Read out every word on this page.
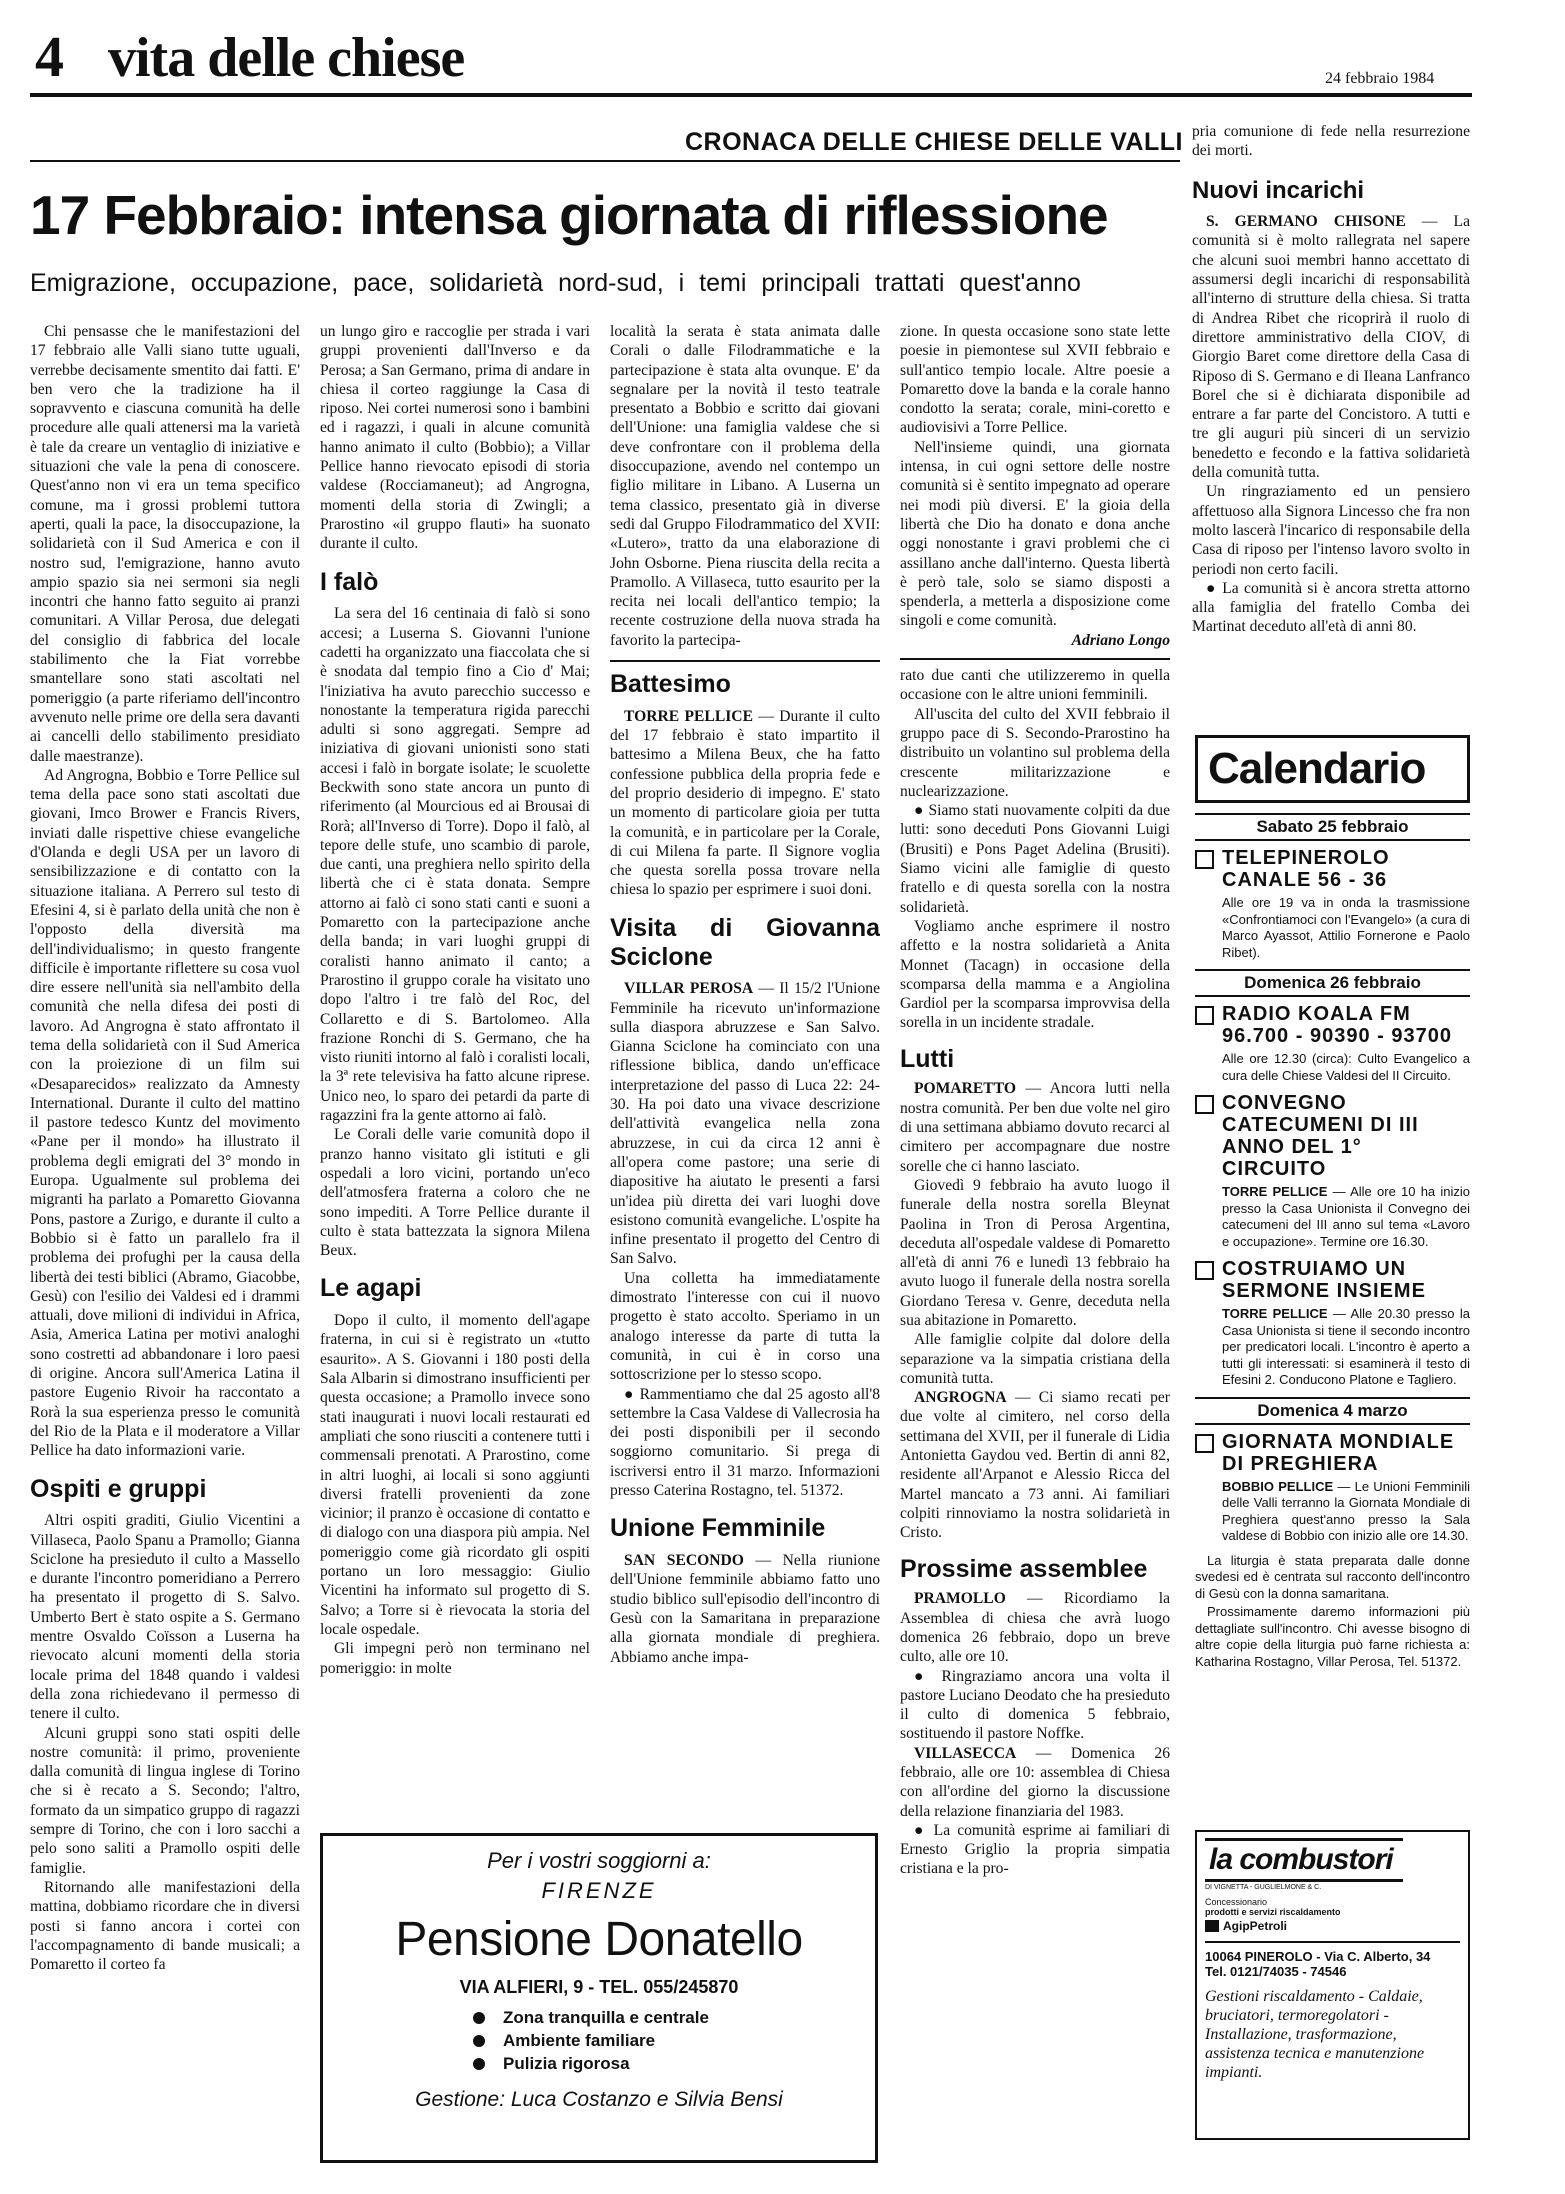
4 vita delle chiese	24 febbraio 1984
CRONACA DELLE CHIESE DELLE VALLI
17 Febbraio: intensa giornata di riflessione
Emigrazione, occupazione, pace, solidarietà nord-sud, i temi principali trattati quest'anno

Chi pensasse che le manifestazioni del 17 febbraio alle Valli siano tutte uguali, verrebbe decisamente smentito dai fatti. E' ben vero che la tradizione ha il sopravvento e ciascuna comunità ha delle procedure alle quali attenersi ma la varietà è tale da creare un ventaglio di iniziative e situazioni che vale la pena di conoscere. Quest'anno non vi era un tema specifico comune, ma i grossi problemi tuttora aperti, quali la pace, la disoccupazione, la solidarietà con il Sud America e con il nostro sud, l'emigrazione, hanno avuto ampio spazio sia nei sermoni sia negli incontri che hanno fatto seguito ai pranzi comunitari. A Villar Perosa, due delegati del consiglio di fabbrica del locale stabilimento che la Fiat vorrebbe smantellare sono stati ascoltati nel pomeriggio (a parte riferiamo dell'incontro avvenuto nelle prime ore della sera davanti ai cancelli dello stabilimento presidiato dalle maestranze).

Ad Angrogna, Bobbio e Torre Pellice sul tema della pace sono stati ascoltati due giovani, Imco Brower e Francis Rivers, inviati dalle rispettive chiese evangeliche d'Olanda e degli USA per un lavoro di sensibilizzazione e di contatto con la situazione italiana. A Perrero sul testo di Efesini 4, si è parlato della unità che non è l'opposto della diversità ma dell'individualismo; in questo frangente difficile è importante riflettere su cosa vuol dire essere nell'unità sia nell'ambito della comunità che nella difesa dei posti di lavoro. Ad Angrogna è stato affrontato il tema della solidarietà con il Sud America con la proiezione di un film sui «Desaparecidos» realizzato da Amnesty International. Durante il culto del mattino il pastore tedesco Kuntz del movimento «Pane per il mondo» ha illustrato il problema degli emigrati del 3° mondo in Europa. Ugualmente sul problema dei migranti ha parlato a Pomaretto Giovanna Pons, pastore a Zurigo, e durante il culto a Bobbio si è fatto un parallelo fra il problema dei profughi per la causa della libertà dei testi biblici (Abramo, Giacobbe, Gesù) con l'esilio dei Valdesi ed i drammi attuali, dove milioni di individui in Africa, Asia, America Latina per motivi analoghi sono costretti ad abbandonare i loro paesi di origine. Ancora sull'America Latina il pastore Eugenio Rivoir ha raccontato a Rorà la sua esperienza presso le comunità del Rio de la Plata e il moderatore a Villar Pellice ha dato informazioni varie.

Ospiti e gruppi

Altri ospiti graditi, Giulio Vicentini a Villaseca, Paolo Spanu a Pramollo; Gianna Sciclone ha presieduto il culto a Massello e durante l'incontro pomeridiano a Perrero ha presentato il progetto di S. Salvo. Umberto Bert è stato ospite a S. Germano mentre Osvaldo Coïsson a Luserna ha rievocato alcuni momenti della storia locale prima del 1848 quando i valdesi della zona richiedevano il permesso di tenere il culto.

Alcuni gruppi sono stati ospiti delle nostre comunità: il primo, proveniente dalla comunità di lingua inglese di Torino che si è recato a S. Secondo; l'altro, formato da un simpatico gruppo di ragazzi sempre di Torino, che con i loro sacchi a pelo sono saliti a Pramollo ospiti delle famiglie.

Ritornando alle manifestazioni della mattina, dobbiamo ricordare che in diversi posti si fanno ancora i cortei con l'accompagnamento di bande musicali; a Pomaretto il corteo fa

un lungo giro e raccoglie per strada i vari gruppi provenienti dall'Inverso e da Perosa; a San Germano, prima di andare in chiesa il corteo raggiunge la Casa di riposo. Nei cortei numerosi sono i bambini ed i ragazzi, i quali in alcune comunità hanno animato il culto (Bobbio); a Villar Pellice hanno rievocato episodi di storia valdese (Rocciamaneut); ad Angrogna, momenti della storia di Zwingli; a Prarostino «il gruppo flauti» ha suonato durante il culto.

I falò

La sera del 16 centinaia di falò si sono accesi; a Luserna S. Giovanni l'unione cadetti ha organizzato una fiaccolata che si è snodata dal tempio fino a Cio d' Mai; l'iniziativa ha avuto parecchio successo e nonostante la temperatura rigida parecchi adulti si sono aggregati. Sempre ad iniziativa di giovani unionisti sono stati accesi i falò in borgate isolate; le scuolette Beckwith sono state ancora un punto di riferimento (al Mourcious ed ai Brousai di Rorà; all'Inverso di Torre). Dopo il falò, al tepore delle stufe, uno scambio di parole, due canti, una preghiera nello spirito della libertà che ci è stata donata. Sempre attorno ai falò ci sono stati canti e suoni a Pomaretto con la partecipazione anche della banda; in vari luoghi gruppi di coralisti hanno animato il canto; a Prarostino il gruppo corale ha visitato uno dopo l'altro i tre falò del Roc, del Collaretto e di S. Bartolomeo. Alla frazione Ronchi di S. Germano, che ha visto riuniti intorno al falò i coralisti locali, la 3ª rete televisiva ha fatto alcune riprese. Unico neo, lo sparo dei petardi da parte di ragazzini fra la gente attorno ai falò.

Le Corali delle varie comunità dopo il pranzo hanno visitato gli istituti e gli ospedali a loro vicini, portando un'eco dell'atmosfera fraterna a coloro che ne sono impediti. A Torre Pellice durante il culto è stata battezzata la signora Milena Beux.

Le agapi

Dopo il culto, il momento dell'agape fraterna, in cui si è registrato un «tutto esaurito». A S. Giovanni i 180 posti della Sala Albarin si dimostrano insufficienti per questa occasione; a Pramollo invece sono stati inaugurati i nuovi locali restaurati ed ampliati che sono riusciti a contenere tutti i commensali prenotati. A Prarostino, come in altri luoghi, ai locali si sono aggiunti diversi fratelli provenienti da zone vicinior; il pranzo è occasione di contatto e di dialogo con una diaspora più ampia. Nel pomeriggio come già ricordato gli ospiti portano un loro messaggio: Giulio Vicentini ha informato sul progetto di S. Salvo; a Torre si è rievocata la storia del locale ospedale.

Gli impegni però non terminano nel pomeriggio: in molte

località la serata è stata animata dalle Corali o dalle Filodrammatiche e la partecipazione è stata alta ovunque. E' da segnalare per la novità il testo teatrale presentato a Bobbio e scritto dai giovani dell'Unione: una famiglia valdese che si deve confrontare con il problema della disoccupazione, avendo nel contempo un figlio militare in Libano. A Luserna un tema classico, presentato già in diverse sedi dal Gruppo Filodrammatico del XVII: «Lutero», tratto da una elaborazione di John Osborne. Piena riuscita della recita a Pramollo. A Villaseca, tutto esaurito per la recita nei locali dell'antico tempio; la recente costruzione della nuova strada ha favorito la partecipa-

Battesimo

TORRE PELLICE — Durante il culto del 17 febbraio è stato impartito il battesimo a Milena Beux, che ha fatto confessione pubblica della propria fede e del proprio desiderio di impegno. E' stato un momento di particolare gioia per tutta la comunità, e in particolare per la Corale, di cui Milena fa parte. Il Signore voglia che questa sorella possa trovare nella chiesa lo spazio per esprimere i suoi doni.

Visita di Giovanna Sciclone

VILLAR PEROSA — Il 15/2 l'Unione Femminile ha ricevuto un'informazione sulla diaspora abruzzese e San Salvo. Gianna Sciclone ha cominciato con una riflessione biblica, dando un'efficace interpretazione del passo di Luca 22: 24-30. Ha poi dato una vivace descrizione dell'attività evangelica nella zona abruzzese, in cui da circa 12 anni è all'opera come pastore; una serie di diapositive ha aiutato le presenti a farsi un'idea più diretta dei vari luoghi dove esistono comunità evangeliche. L'ospite ha infine presentato il progetto del Centro di San Salvo.

Una colletta ha immediatamente dimostrato l'interesse con cui il nuovo progetto è stato accolto. Speriamo in un analogo interesse da parte di tutta la comunità, in cui è in corso una sottoscrizione per lo stesso scopo.

● Rammentiamo che dal 25 agosto all'8 settembre la Casa Valdese di Vallecrosia ha dei posti disponibili per il secondo soggiorno comunitario. Si prega di iscriversi entro il 31 marzo. Informazioni presso Caterina Rostagno, tel. 51372.

Unione Femminile

SAN SECONDO — Nella riunione dell'Unione femminile abbiamo fatto uno studio biblico sull'episodio dell'incontro di Gesù con la Samaritana in preparazione alla giornata mondiale di preghiera. Abbiamo anche impa-

zione. In questa occasione sono state lette poesie in piemontese sul XVII febbraio e sull'antico tempio locale. Altre poesie a Pomaretto dove la banda e la corale hanno condotto la serata; corale, mini-coretto e audiovisivi a Torre Pellice.

Nell'insieme quindi, una giornata intensa, in cui ogni settore delle nostre comunità si è sentito impegnato ad operare nei modi più diversi. E' la gioia della libertà che Dio ha donato e dona anche oggi nonostante i gravi problemi che ci assillano anche dall'interno. Questa libertà è però tale, solo se siamo disposti a spenderla, a metterla a disposizione come singoli e come comunità.

Adriano Longo

rato due canti che utilizzeremo in quella occasione con le altre unioni femminili.

All'uscita del culto del XVII febbraio il gruppo pace di S. Secondo-Prarostino ha distribuito un volantino sul problema della crescente militarizzazione e nuclearizzazione.

● Siamo stati nuovamente colpiti da due lutti: sono deceduti Pons Giovanni Luigi (Brusiti) e Pons Paget Adelina (Brusiti). Siamo vicini alle famiglie di questo fratello e di questa sorella con la nostra solidarietà.

Vogliamo anche esprimere il nostro affetto e la nostra solidarietà a Anita Monnet (Tacagn) in occasione della scomparsa della mamma e a Angiolina Gardiol per la scomparsa improvvisa della sorella in un incidente stradale.

Lutti

POMARETTO — Ancora lutti nella nostra comunità. Per ben due volte nel giro di una settimana abbiamo dovuto recarci al cimitero per accompagnare due nostre sorelle che ci hanno lasciato.

Giovedì 9 febbraio ha avuto luogo il funerale della nostra sorella Bleynat Paolina in Tron di Perosa Argentina, deceduta all'ospedale valdese di Pomaretto all'età di anni 76 e lunedì 13 febbraio ha avuto luogo il funerale della nostra sorella Giordano Teresa v. Genre, deceduta nella sua abitazione in Pomaretto.

Alle famiglie colpite dal dolore della separazione va la simpatia cristiana della comunità tutta.

ANGROGNA — Ci siamo recati per due volte al cimitero, nel corso della settimana del XVII, per il funerale di Lidia Antonietta Gaydou ved. Bertin di anni 82, residente all'Arpanot e Alessio Ricca del Martel mancato a 73 anni. Ai familiari colpiti rinnoviamo la nostra solidarietà in Cristo.

Prossime assemblee

PRAMOLLO — Ricordiamo la Assemblea di chiesa che avrà luogo domenica 26 febbraio, dopo un breve culto, alle ore 10.

● Ringraziamo ancora una volta il pastore Luciano Deodato che ha presieduto il culto di domenica 5 febbraio, sostituendo il pastore Noffke.

VILLASECCA — Domenica 26 febbraio, alle ore 10: assemblea di Chiesa con all'ordine del giorno la discussione della relazione finanziaria del 1983.

● La comunità esprime ai familiari di Ernesto Griglio la propria simpatia cristiana e la pro-

pria comunione di fede nella resurrezione dei morti.

Nuovi incarichi

S. GERMANO CHISONE — La comunità si è molto rallegrata nel sapere che alcuni suoi membri hanno accettato di assumersi degli incarichi di responsabilità all'interno di strutture della chiesa. Si tratta di Andrea Ribet che ricoprirà il ruolo di direttore amministrativo della CIOV, di Giorgio Baret come direttore della Casa di Riposo di S. Germano e di Ileana Lanfranco Borel che si è dichiarata disponibile ad entrare a far parte del Concistoro. A tutti e tre gli auguri più sinceri di un servizio benedetto e fecondo e la fattiva solidarietà della comunità tutta.

Un ringraziamento ed un pensiero affettuoso alla Signora Lincesso che fra non molto lascerà l'incarico di responsabile della Casa di riposo per l'intenso lavoro svolto in periodi non certo facili.

● La comunità si è ancora stretta attorno alla famiglia del fratello Comba dei Martinat deceduto all'età di anni 80.

Calendario
Sabato 25 febbraio
TELEPINEROLO CANALE 56 - 36
Alle ore 19 va in onda la trasmissione «Confrontiamoci con l'Evangelo» (a cura di Marco Ayassot, Attilio Fornerone e Paolo Ribet).
Domenica 26 febbraio
RADIO KOALA FM 96.700 - 90390 - 93700
Alle ore 12.30 (circa): Culto Evangelico a cura delle Chiese Valdesi del II Circuito.
CONVEGNO CATECUMENI DI III ANNO DEL 1° CIRCUITO
TORRE PELLICE — Alle ore 10 ha inizio presso la Casa Unionista il Convegno dei catecumeni del III anno sul tema «Lavoro e occupazione». Termine ore 16.30.
COSTRUIAMO UN SERMONE INSIEME
TORRE PELLICE — Alle 20.30 presso la Casa Unionista si tiene il secondo incontro per predicatori locali. L'incontro è aperto a tutti gli interessati: si esaminerà il testo di Efesini 2. Conducono Platone e Tagliero.
Domenica 4 marzo
GIORNATA MONDIALE DI PREGHIERA
BOBBIO PELLICE — Le Unioni Femminili delle Valli terranno la Giornata Mondiale di Preghiera quest'anno presso la Sala valdese di Bobbio con inizio alle ore 14.30.
La liturgia è stata preparata dalle donne svedesi ed è centrata sul racconto dell'incontro di Gesù con la donna samaritana.
Prossimamente daremo informazioni più dettagliate sull'incontro. Chi avesse bisogno di altre copie della liturgia può farne richiesta a: Katharina Rostagno, Villar Perosa, Tel. 51372.
Per i vostri soggiorni a:
FIRENZE
Pensione Donatello
VIA ALFIERI, 9 - TEL. 055/245870
Zona tranquilla e centrale
Ambiente familiare
Pulizia rigorosa
Gestione: Luca Costanzo e Silvia Bensi
la combustori
DI VIGNETTA - GUGLIELMONE & C.
Concessionario
prodotti e servizi riscaldamento
AgipPetroli
10064 PINEROLO - Via C. Alberto, 34
Tel. 0121/74035 - 74546
Gestioni riscaldamento - Caldaie, bruciatori, termoregolatori - Installazione, trasformazione, assistenza tecnica e manutenzione impianti.
